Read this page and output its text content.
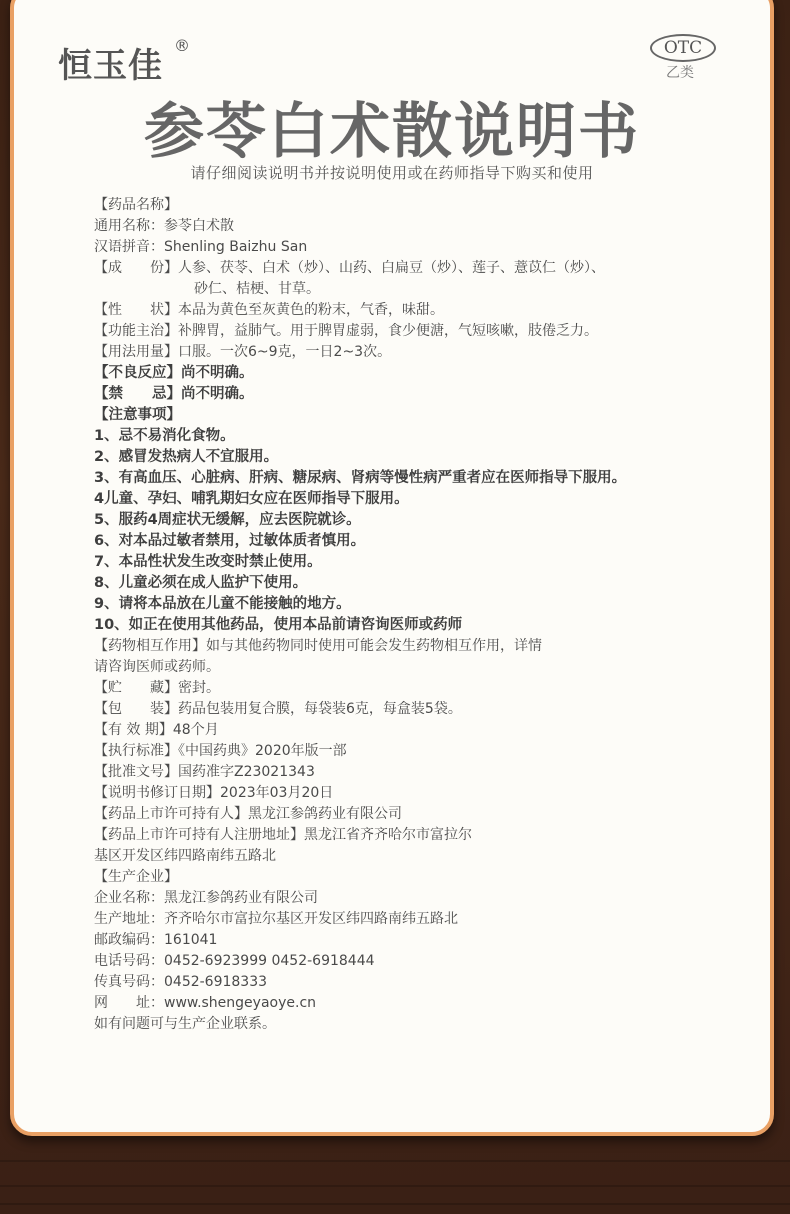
恒玉佳
®	OTC
乙类
参苓白术散说明书
请仔细阅读说明书并按说明使用或在药师指导下购买和使用
【药品名称】
通用名称：参苓白术散
汉语拼音：Shenling Baizhu San
【成　　份】人参、茯苓、白术（炒）、山药、白扁豆（炒）、莲子、薏苡仁（炒）、
砂仁、桔梗、甘草。
【性　　状】本品为黄色至灰黄色的粉末，气香，味甜。
【功能主治】补脾胃，益肺气。用于脾胃虚弱，食少便溏，气短咳嗽，肢倦乏力。
【用法用量】口服。一次6~9克，一日2~3次。
【不良反应】尚不明确。
【禁　　忌】尚不明确。
【注意事项】
1、忌不易消化食物。
2、感冒发热病人不宜服用。
3、有高血压、心脏病、肝病、糖尿病、肾病等慢性病严重者应在医师指导下服用。
4儿童、孕妇、哺乳期妇女应在医师指导下服用。
5、服药4周症状无缓解，应去医院就诊。
6、对本品过敏者禁用，过敏体质者慎用。
7、本品性状发生改变时禁止使用。
8、儿童必须在成人监护下使用。
9、请将本品放在儿童不能接触的地方。
10、如正在使用其他药品，使用本品前请咨询医师或药师
【药物相互作用】如与其他药物同时使用可能会发生药物相互作用，详情
请咨询医师或药师。
【贮　　藏】密封。
【包　　装】药品包装用复合膜，每袋装6克，每盒装5袋。
【有 效 期】48个月
【执行标准】《中国药典》2020年版一部
【批准文号】国药准字Z23021343
【说明书修订日期】2023年03月20日
【药品上市许可持有人】黑龙江参鸽药业有限公司
【药品上市许可持有人注册地址】黑龙江省齐齐哈尔市富拉尔
基区开发区纬四路南纬五路北
【生产企业】
企业名称：黑龙江参鸽药业有限公司
生产地址：齐齐哈尔市富拉尔基区开发区纬四路南纬五路北
邮政编码：161041
电话号码：0452-6923999 0452-6918444
传真号码：0452-6918333
网　　址：www.shengeyaoye.cn
如有问题可与生产企业联系。
